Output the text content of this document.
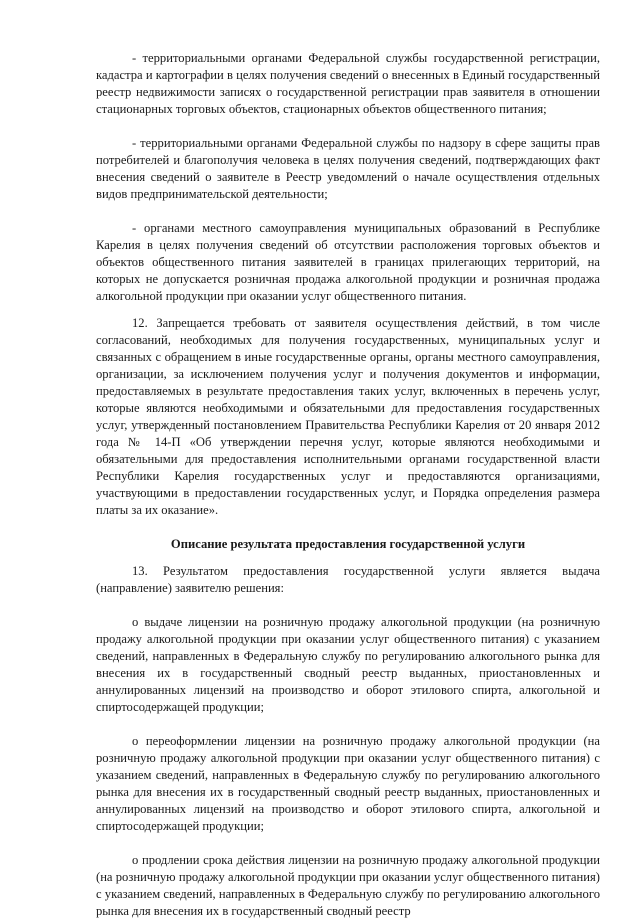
- территориальными органами Федеральной службы государственной регистрации, кадастра и картографии в целях получения сведений о внесенных в Единый государственный реестр недвижимости записях о государственной регистрации прав заявителя в отношении стационарных торговых объектов, стационарных объектов общественного питания;

- территориальными органами Федеральной службы по надзору в сфере защиты прав потребителей и благополучия человека в целях получения сведений, подтверждающих факт внесения сведений о заявителе в Реестр уведомлений о начале осуществления отдельных видов предпринимательской деятельности;

- органами местного самоуправления муниципальных образований в Республике Карелия в целях получения сведений об отсутствии расположения торговых объектов и объектов общественного питания заявителей в границах прилегающих территорий, на которых не допускается розничная продажа алкогольной продукции и розничная продажа алкогольной продукции при оказании услуг общественного питания.

12. Запрещается требовать от заявителя осуществления действий, в том числе согласований, необходимых для получения государственных, муниципальных услуг и связанных с обращением в иные государственные органы, органы местного самоуправления, организации, за исключением получения услуг и получения документов и информации, предоставляемых в результате предоставления таких услуг, включенных в перечень услуг, которые являются необходимыми и обязательными для предоставления государственных услуг, утвержденный постановлением Правительства Республики Карелия от 20 января 2012 года № 14-П «Об утверждении перечня услуг, которые являются необходимыми и обязательными для предоставления исполнительными органами государственной власти Республики Карелия государственных услуг и предоставляются организациями, участвующими в предоставлении государственных услуг, и Порядка определения размера платы за их оказание».

Описание результата предоставления государственной услуги

13. Результатом предоставления государственной услуги является выдача (направление) заявителю решения:

о выдаче лицензии на розничную продажу алкогольной продукции (на розничную продажу алкогольной продукции при оказании услуг общественного питания) с указанием сведений, направленных в Федеральную службу по регулированию алкогольного рынка для внесения их в государственный сводный реестр выданных, приостановленных и аннулированных лицензий на производство и оборот этилового спирта, алкогольной и спиртосодержащей продукции;

о переоформлении лицензии на розничную продажу алкогольной продукции (на розничную продажу алкогольной продукции при оказании услуг общественного питания) с указанием сведений, направленных в Федеральную службу по регулированию алкогольного рынка для внесения их в государственный сводный реестр выданных, приостановленных и аннулированных лицензий на производство и оборот этилового спирта, алкогольной и спиртосодержащей продукции;

о продлении срока действия лицензии на розничную продажу алкогольной продукции (на розничную продажу алкогольной продукции при оказании услуг общественного питания) с указанием сведений, направленных в Федеральную службу по регулированию алкогольного рынка для внесения их в государственный сводный реестр
